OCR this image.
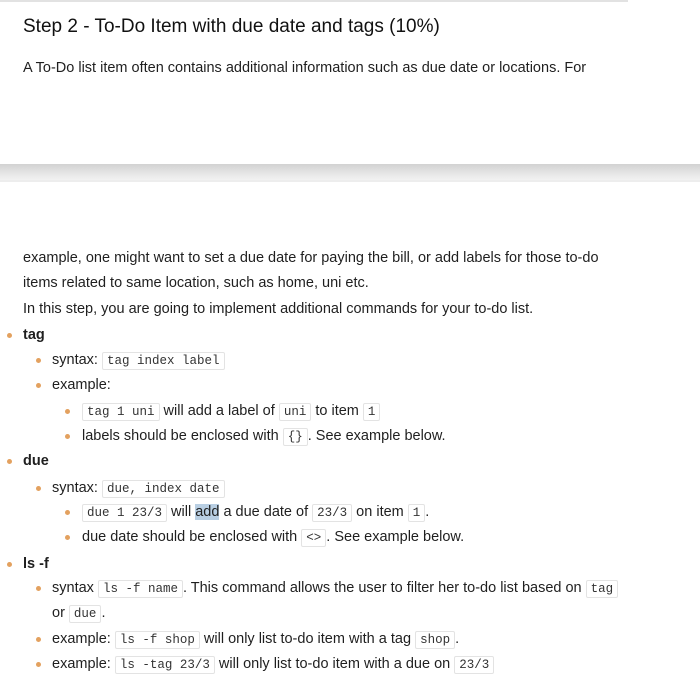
Step 2 - To-Do Item with due date and tags (10%)

A To-Do list item often contains additional information such as due date or locations. For

example, one might want to set a due date for paying the bill, or add labels for those to-do

items related to same location, such as home, uni etc.

In this step, you are going to implement additional commands for your to-do list.

tag
syntax: tag index label
example:
tag 1 uni will add a label of uni to item 1
labels should be enclosed with {} . See example below.
due
syntax: due, index date
due 1 23/3 will add a due date of 23/3 on item 1 .
due date should be enclosed with <> . See example below.
ls -f
syntax ls -f name . This command allows the user to filter her to-do list based on tag
or due .
example: ls -f shop will only list to-do item with a tag shop .
example: ls -tag 23/3 will only list to-do item with a due on 23/3
